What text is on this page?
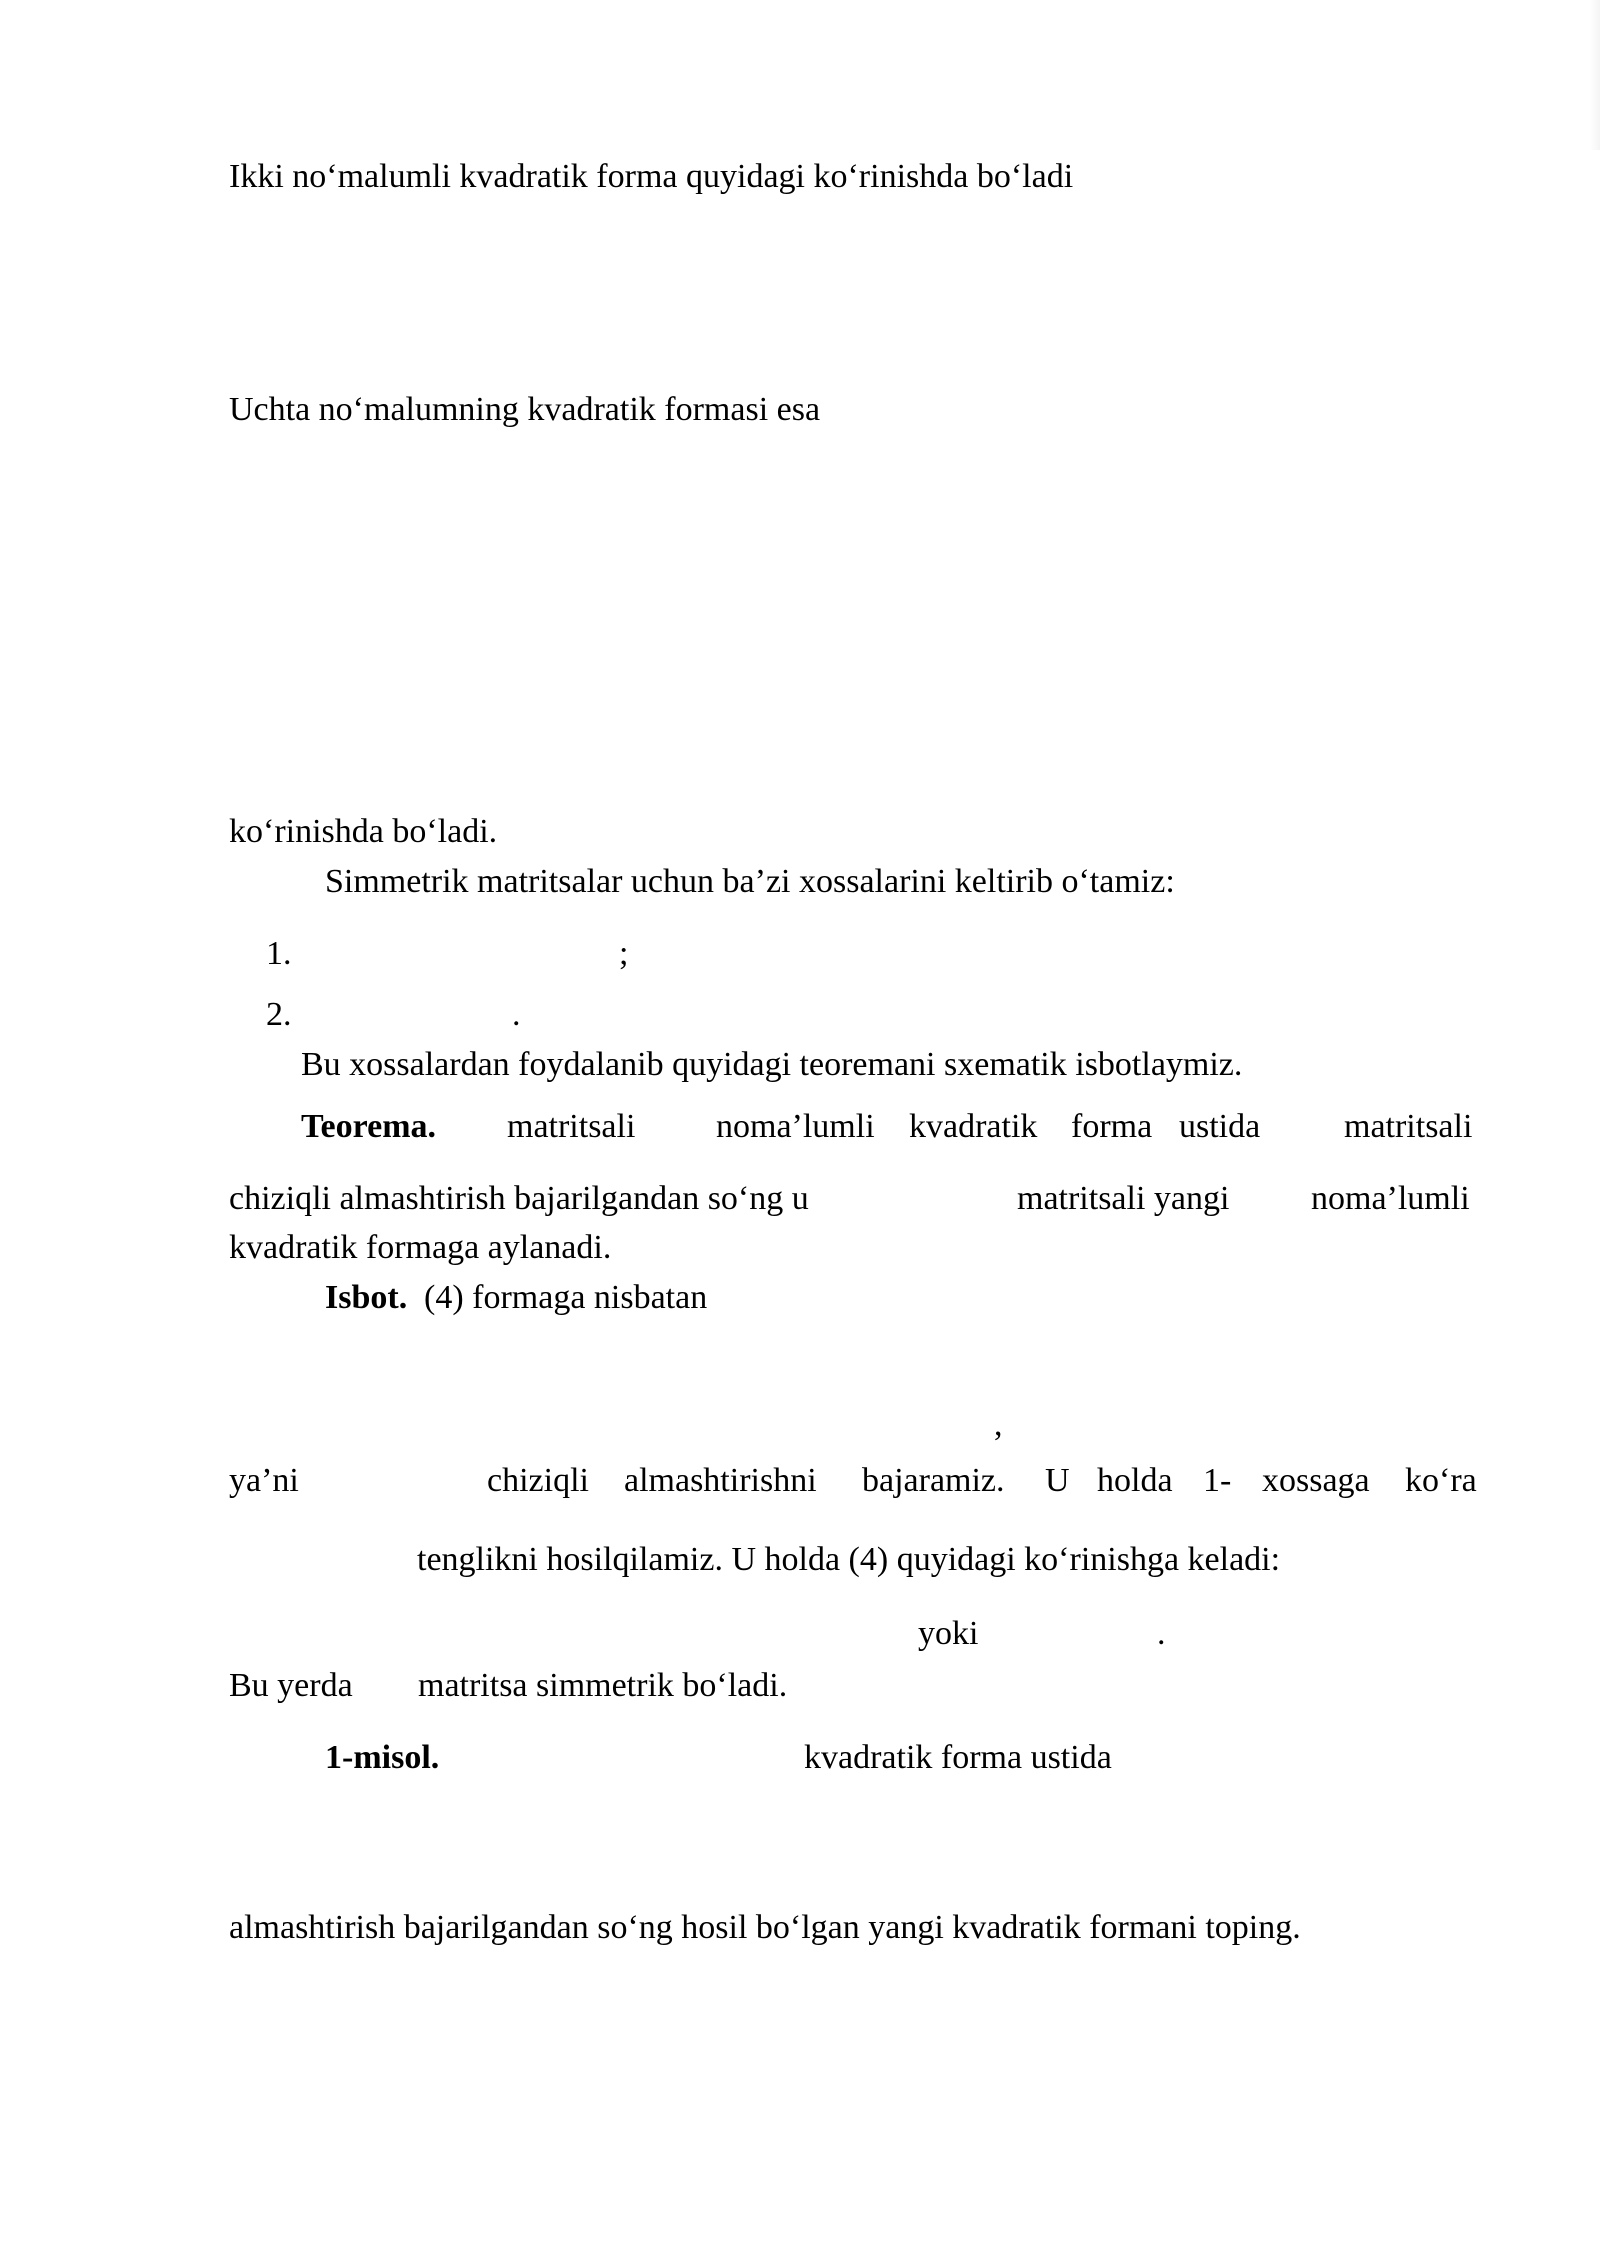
Ikki no‘malumli kvadratik forma quyidagi ko‘rinishda bo‘ladi
Uchta no‘malumning kvadratik formasi esa
ko‘rinishda bo‘ladi.
Simmetrik matritsalar uchun ba’zi xossalarini keltirib o‘tamiz:
1.	;
2.	.
Bu xossalardan foydalanib quyidagi teoremani sxematik isbotlaymiz.
Teorema. matritsali noma’lumli kvadratik forma ustida matritsali
chiziqli almashtirish bajarilgandan so‘ng u	matritsali yangi noma’lumli
kvadratik formaga aylanadi.
Isbot. (4) formaga nisbatan
,
ya’ni	chiziqli almashtirishni bajaramiz. U holda 1- xossaga ko‘ra
tenglikni hosilqilamiz. U holda (4) quyidagi ko‘rinishga keladi:
yoki	.
Bu yerda matritsa simmetrik bo‘ladi.
1-misol.	kvadratik forma ustida
almashtirish bajarilgandan so‘ng hosil bo‘lgan yangi kvadratik formani toping.
